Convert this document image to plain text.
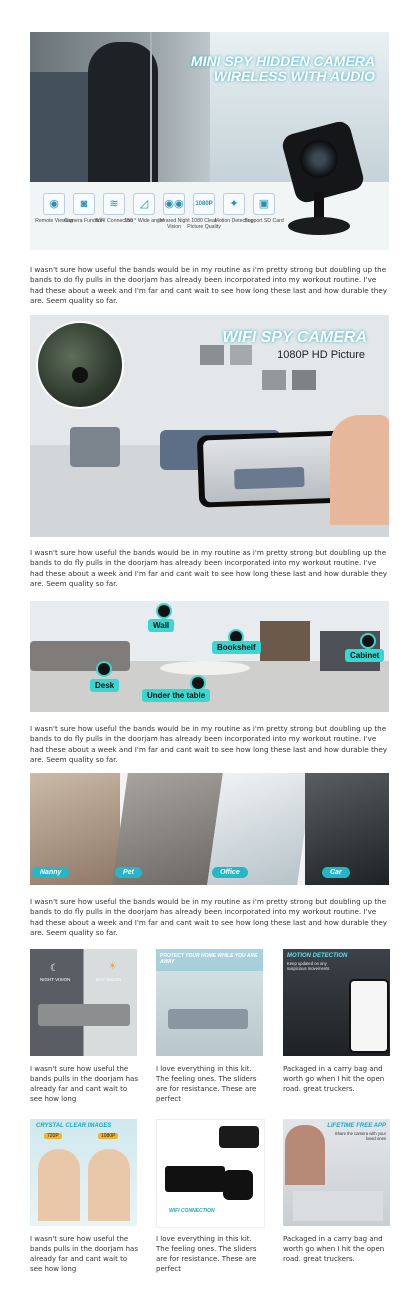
MINI SPY HIDDEN CAMERA
WIRELESS WITH AUDIO
◉
Remote Viewing
◙
Camera Function
≋
WIFI Connection
◿
150 ° Wide angle
◉◉
Infrared Night Vision
1080P
1080 Clear Picture Quality
✦
Motion Detecting
▣
Support SD Card
I wasn't sure how useful the bands would be in my routine as i'm pretty strong but doubling up the bands to do fly pulls in the doorjam has already been incorporated into my workout routine. I've had these about a week and I'm far and cant wait to see how long these last and how durable they are. Seem quality so far.
WIFI SPY CAMERA
1080P HD Picture
I wasn't sure how useful the bands would be in my routine as i'm pretty strong but doubling up the bands to do fly pulls in the doorjam has already been incorporated into my workout routine. I've had these about a week and I'm far and cant wait to see how long these last and how durable they are. Seem quality so far.
Wall
Bookshelf
Cabinet
Desk
Under the table
I wasn't sure how useful the bands would be in my routine as i'm pretty strong but doubling up the bands to do fly pulls in the doorjam has already been incorporated into my workout routine. I've had these about a week and I'm far and cant wait to see how long these last and how durable they are. Seem quality so far.
Nanny	Pet	Office	Car
I wasn't sure how useful the bands would be in my routine as i'm pretty strong but doubling up the bands to do fly pulls in the doorjam has already been incorporated into my workout routine. I've had these about a week and I'm far and cant wait to see how long these last and how durable they are. Seem quality so far.
NIGHT VISION	DAY VISION
☾	☀
PROTECT YOUR HOME WHILE YOU ARE AWAY
MOTION DETECTION
Keep updated on any suspicious movements
I wasn't sure how useful the bands pulls in the doorjam has already far and cant wait to see how long
I love everything in this kit. The feeling ones. The sliders are for resistance. These are perfect
Packaged in a carry bag and worth go when I hit the open road. great truckers.
CRYSTAL CLEAR IMAGES
720P	1080P
WIFI CONNECTION
LIFETIME FREE APP
Share the camera with your loved ones
I wasn't sure how useful the bands pulls in the doorjam has already far and cant wait to see how long
I love everything in this kit. The feeling ones. The sliders are for resistance. These are perfect
Packaged in a carry bag and worth go when I hit the open road. great truckers.
